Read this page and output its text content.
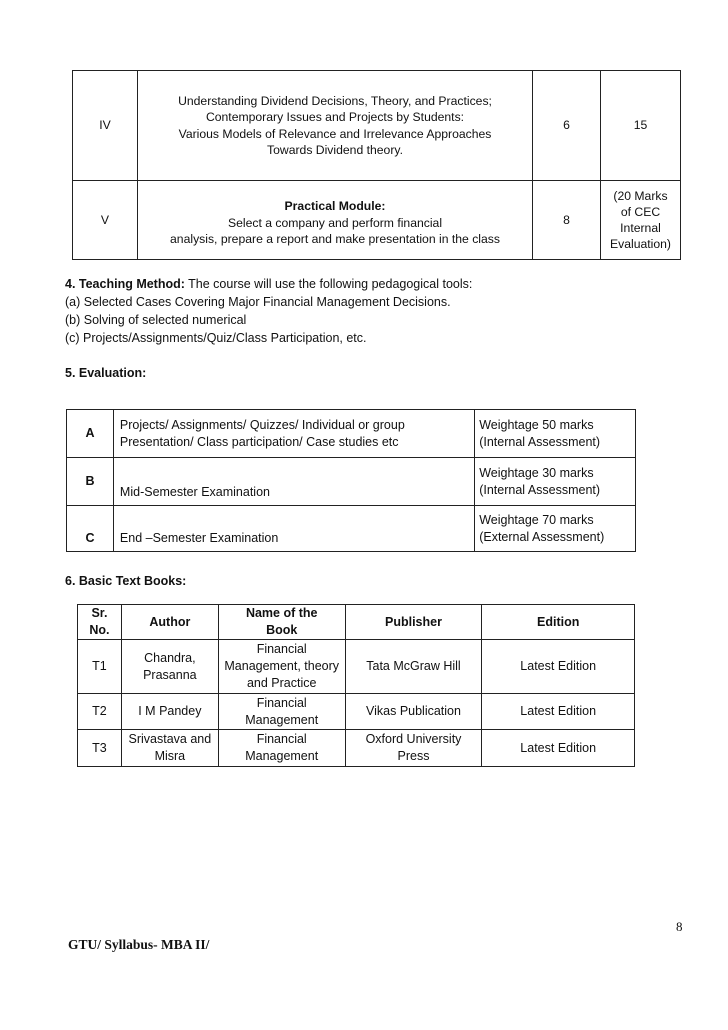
IV	Understanding Dividend Decisions, Theory, and Practices;
Contemporary Issues and Projects by Students:
Various Models of Relevance and Irrelevance Approaches
Towards Dividend theory.	6	15
V	Practical Module:
Select a company and perform financial
analysis, prepare a report and make presentation in the class	8	(20 Marks
of CEC
Internal
Evaluation)
4. Teaching Method: The course will use the following pedagogical tools:
(a) Selected Cases Covering Major Financial Management Decisions.
(b) Solving of selected numerical
(c) Projects/Assignments/Quiz/Class Participation, etc.
5. Evaluation:
A	Projects/ Assignments/ Quizzes/ Individual or group
Presentation/ Class participation/ Case studies etc	Weightage 50 marks
(Internal Assessment)

B	Mid-Semester Examination	Weightage 30 marks
(Internal Assessment)

C	End –Semester Examination	Weightage 70 marks
(External Assessment)
6. Basic Text Books:
Sr.
No.	Author	Name of the
Book	Publisher	Edition
T1	Chandra,
Prasanna	Financial
Management, theory
and Practice	Tata McGraw Hill	Latest Edition
T2	I M Pandey	Financial
Management	Vikas Publication	Latest Edition
T3	Srivastava and
Misra	Financial
Management	Oxford University
Press	Latest Edition
8
GTU/ Syllabus- MBA II/
